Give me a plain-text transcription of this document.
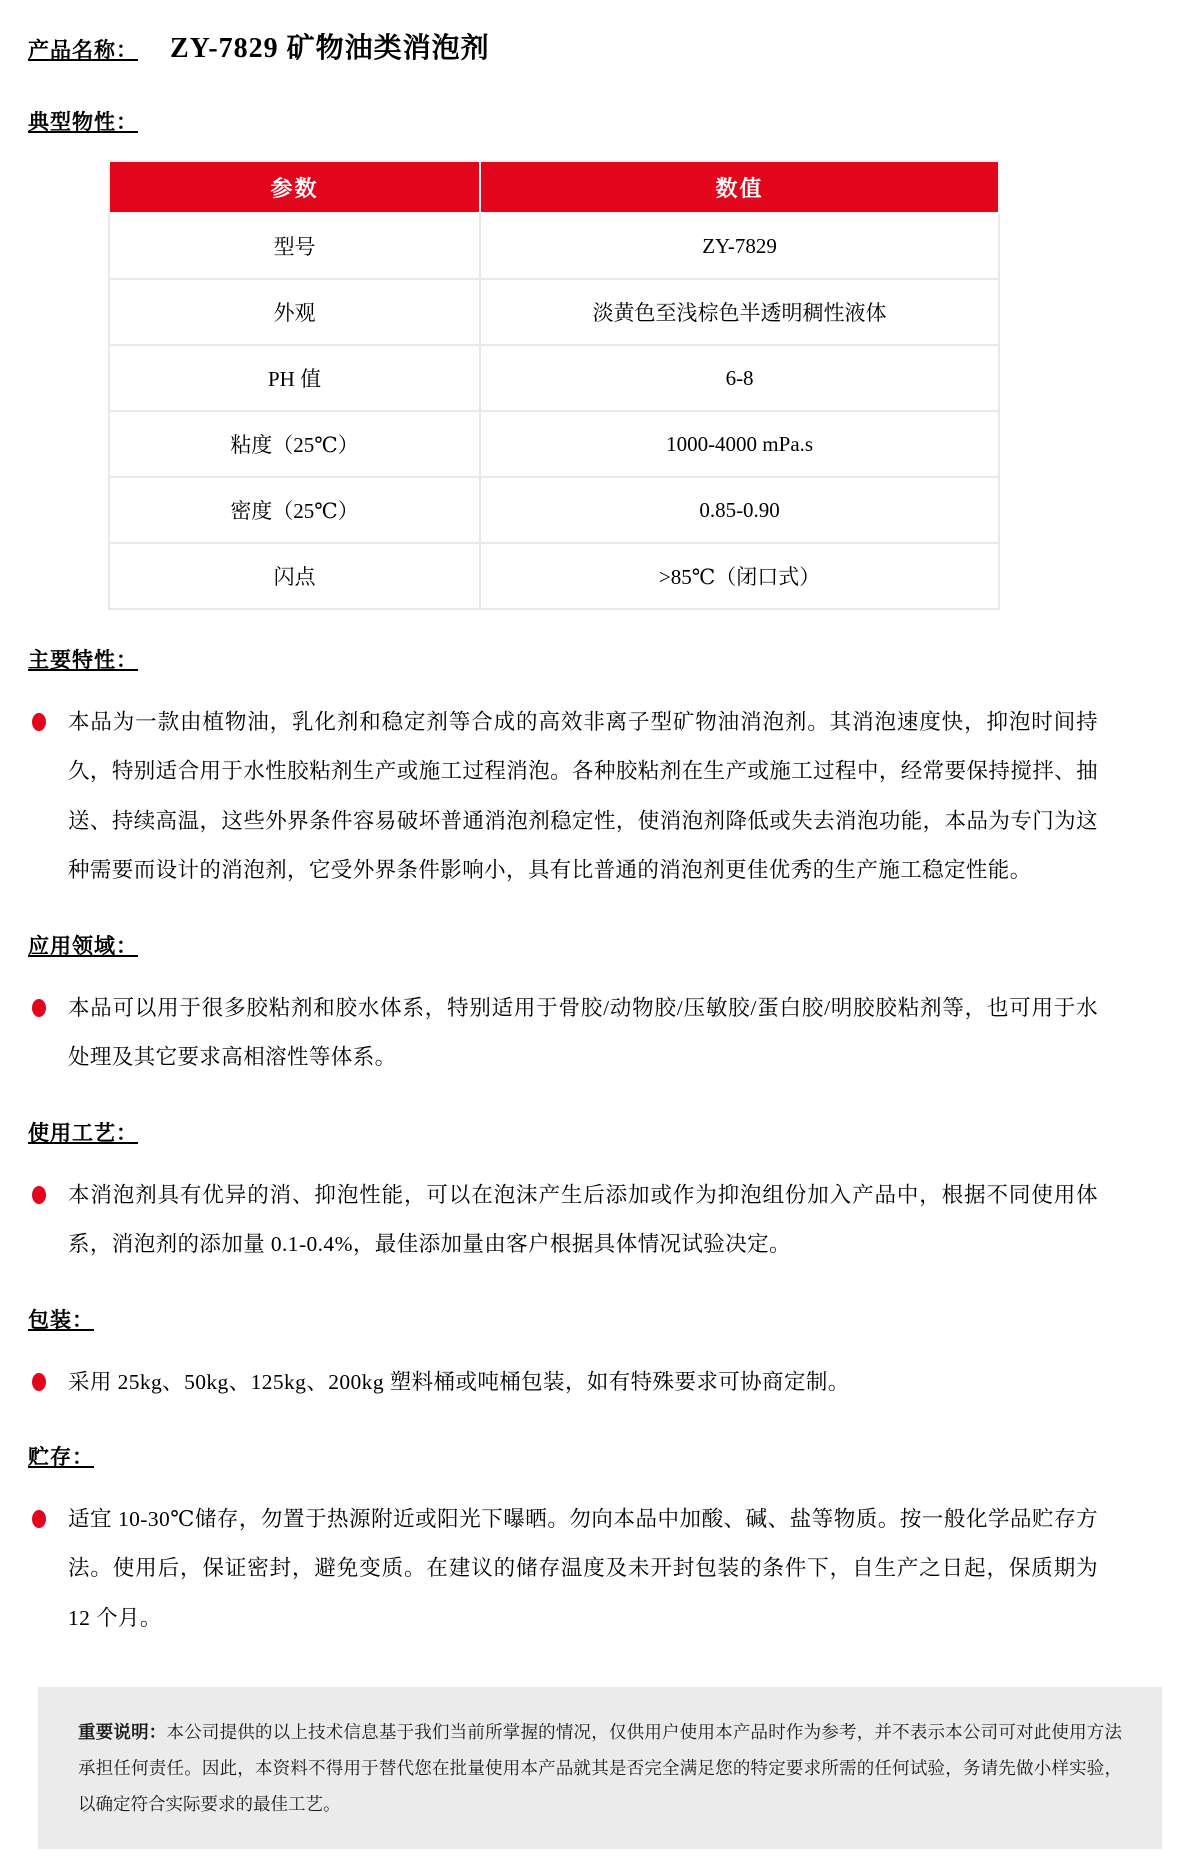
产品名称： ZY-7829 矿物油类消泡剂
典型物性：
参数	数值
型号	ZY-7829
外观	淡黄色至浅棕色半透明稠性液体
PH 值	6-8
粘度（25℃）	1000-4000 mPa.s
密度（25℃）	0.85-0.90
闪点	>85℃（闭口式）
主要特性：
本品为一款由植物油，乳化剂和稳定剂等合成的高效非离子型矿物油消泡剂。其消泡速度快，抑泡时间持久，特别适合用于水性胶粘剂生产或施工过程消泡。各种胶粘剂在生产或施工过程中，经常要保持搅拌、抽送、持续高温，这些外界条件容易破坏普通消泡剂稳定性，使消泡剂降低或失去消泡功能，本品为专门为这种需要而设计的消泡剂，它受外界条件影响小，具有比普通的消泡剂更佳优秀的生产施工稳定性能。
应用领域：
本品可以用于很多胶粘剂和胶水体系，特别适用于骨胶/动物胶/压敏胶/蛋白胶/明胶胶粘剂等，也可用于水处理及其它要求高相溶性等体系。
使用工艺：
本消泡剂具有优异的消、抑泡性能，可以在泡沫产生后添加或作为抑泡组份加入产品中，根据不同使用体系，消泡剂的添加量 0.1-0.4%，最佳添加量由客户根据具体情况试验决定。
包装：
采用 25kg、50kg、125kg、200kg 塑料桶或吨桶包装，如有特殊要求可协商定制。
贮存：
适宜 10-30℃储存，勿置于热源附近或阳光下曝晒。勿向本品中加酸、碱、盐等物质。按一般化学品贮存方法。使用后，保证密封，避免变质。在建议的储存温度及未开封包装的条件下，自生产之日起，保质期为 12 个月。
重要说明：本公司提供的以上技术信息基于我们当前所掌握的情况，仅供用户使用本产品时作为参考，并不表示本公司可对此使用方法承担任何责任。因此，本资料不得用于替代您在批量使用本产品就其是否完全满足您的特定要求所需的任何试验，务请先做小样实验，以确定符合实际要求的最佳工艺。
